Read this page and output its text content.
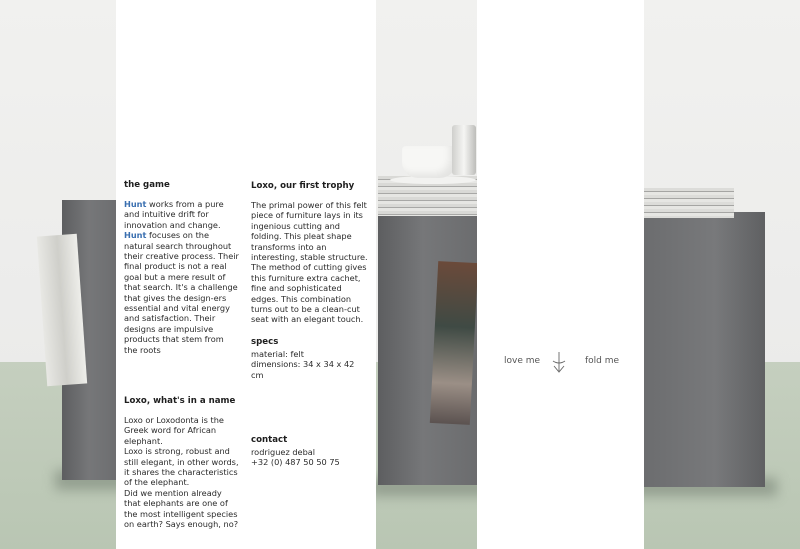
the game

Hunt works from a pure and intuitive drift for innovation and change. Hunt focuses on the natural search throughout their creative process. Their final product is not a real goal but a mere result of that search. It's a challenge that gives the design-ers essential and vital energy and satisfaction. Their designs are impulsive products that stem from the roots

Loxo, what's in a name

Loxo or Loxodonta is the Greek word for African elephant.

Loxo is strong, robust and still elegant, in other words, it shares the characteristics of the elephant.

Did we mention already that elephants are one of the most intelligent species on earth? Says enough, no?

Loxo, our first trophy

The primal power of this felt piece of furniture lays in its ingenious cutting and folding. This pleat shape transforms into an interesting, stable structure. The method of cutting gives this furniture extra cachet, fine and sophisticated edges. This combination turns out to be a clean-cut seat with an elegant touch.

specs

material: felt

dimensions: 34 x 34 x 42 cm

contact

rodriguez debal

+32 (0) 487 50 50 75

love me	fold me
